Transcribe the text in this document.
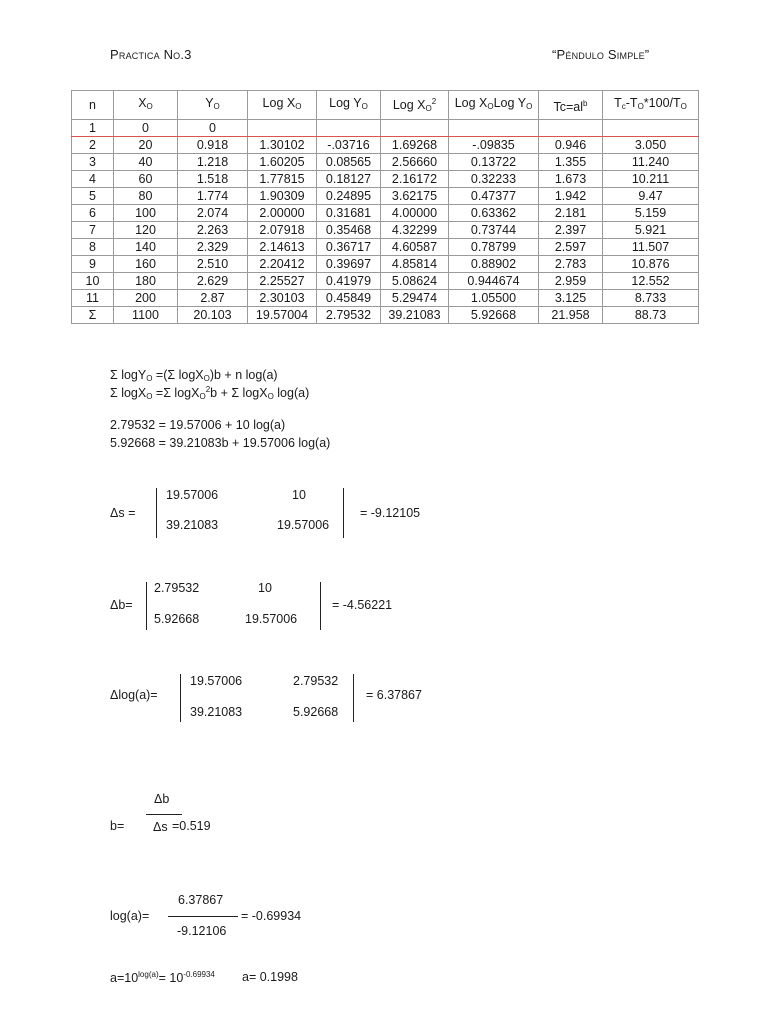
Practica No.3	“Péndulo Simple”
n	$X_O$	$Y_O$	Log $X_O$	Log $Y_O$	Log $X_O^2$	Log $X_OLog$ $Y_O$	$Tc=al^b$	$T_c-T_O*100/T_O$
1	0	0						
2	20	0.918	1.30102	-.03716	1.69268	-.09835	0.946	3.050
3	40	1.218	1.60205	0.08565	2.56660	0.13722	1.355	11.240
4	60	1.518	1.77815	0.18127	2.16172	0.32233	1.673	10.211
5	80	1.774	1.90309	0.24895	3.62175	0.47377	1.942	9.47
6	100	2.074	2.00000	0.31681	4.00000	0.63362	2.181	5.159
7	120	2.263	2.07918	0.35468	4.32299	0.73744	2.397	5.921
8	140	2.329	2.14613	0.36717	4.60587	0.78799	2.597	11.507
9	160	2.510	2.20412	0.39697	4.85814	0.88902	2.783	10.876
10	180	2.629	2.25527	0.41979	5.08624	0.944674	2.959	12.552
11	200	2.87	2.30103	0.45849	5.29474	1.05500	3.125	8.733
Σ	1100	20.103	19.57004	2.79532	39.21083	5.92668	21.958	88.73
Σ logY$_O$ =(Σ logX$_O$)b + n log(a)
Σ logX$_O$ =Σ logX$_O^2$b + Σ logX$_O$ log(a)
2.79532 = 19.57006 + 10 log(a)
5.92668 = 39.21083b + 19.57006 log(a)
Δs =
19.57006	10
39.21083	19.57006
= -9.12105
Δb=
2.79532	10
5.92668	19.57006
= -4.56221
Δlog(a)=
19.57006	2.79532
39.21083	5.92668
= 6.37867
Δb
b= Δs =0.519
6.37867
log(a)=
-9.12106
= -0.69934
$a=10^{log(a)}= 10^{-0.69934}$ a= 0.1998
